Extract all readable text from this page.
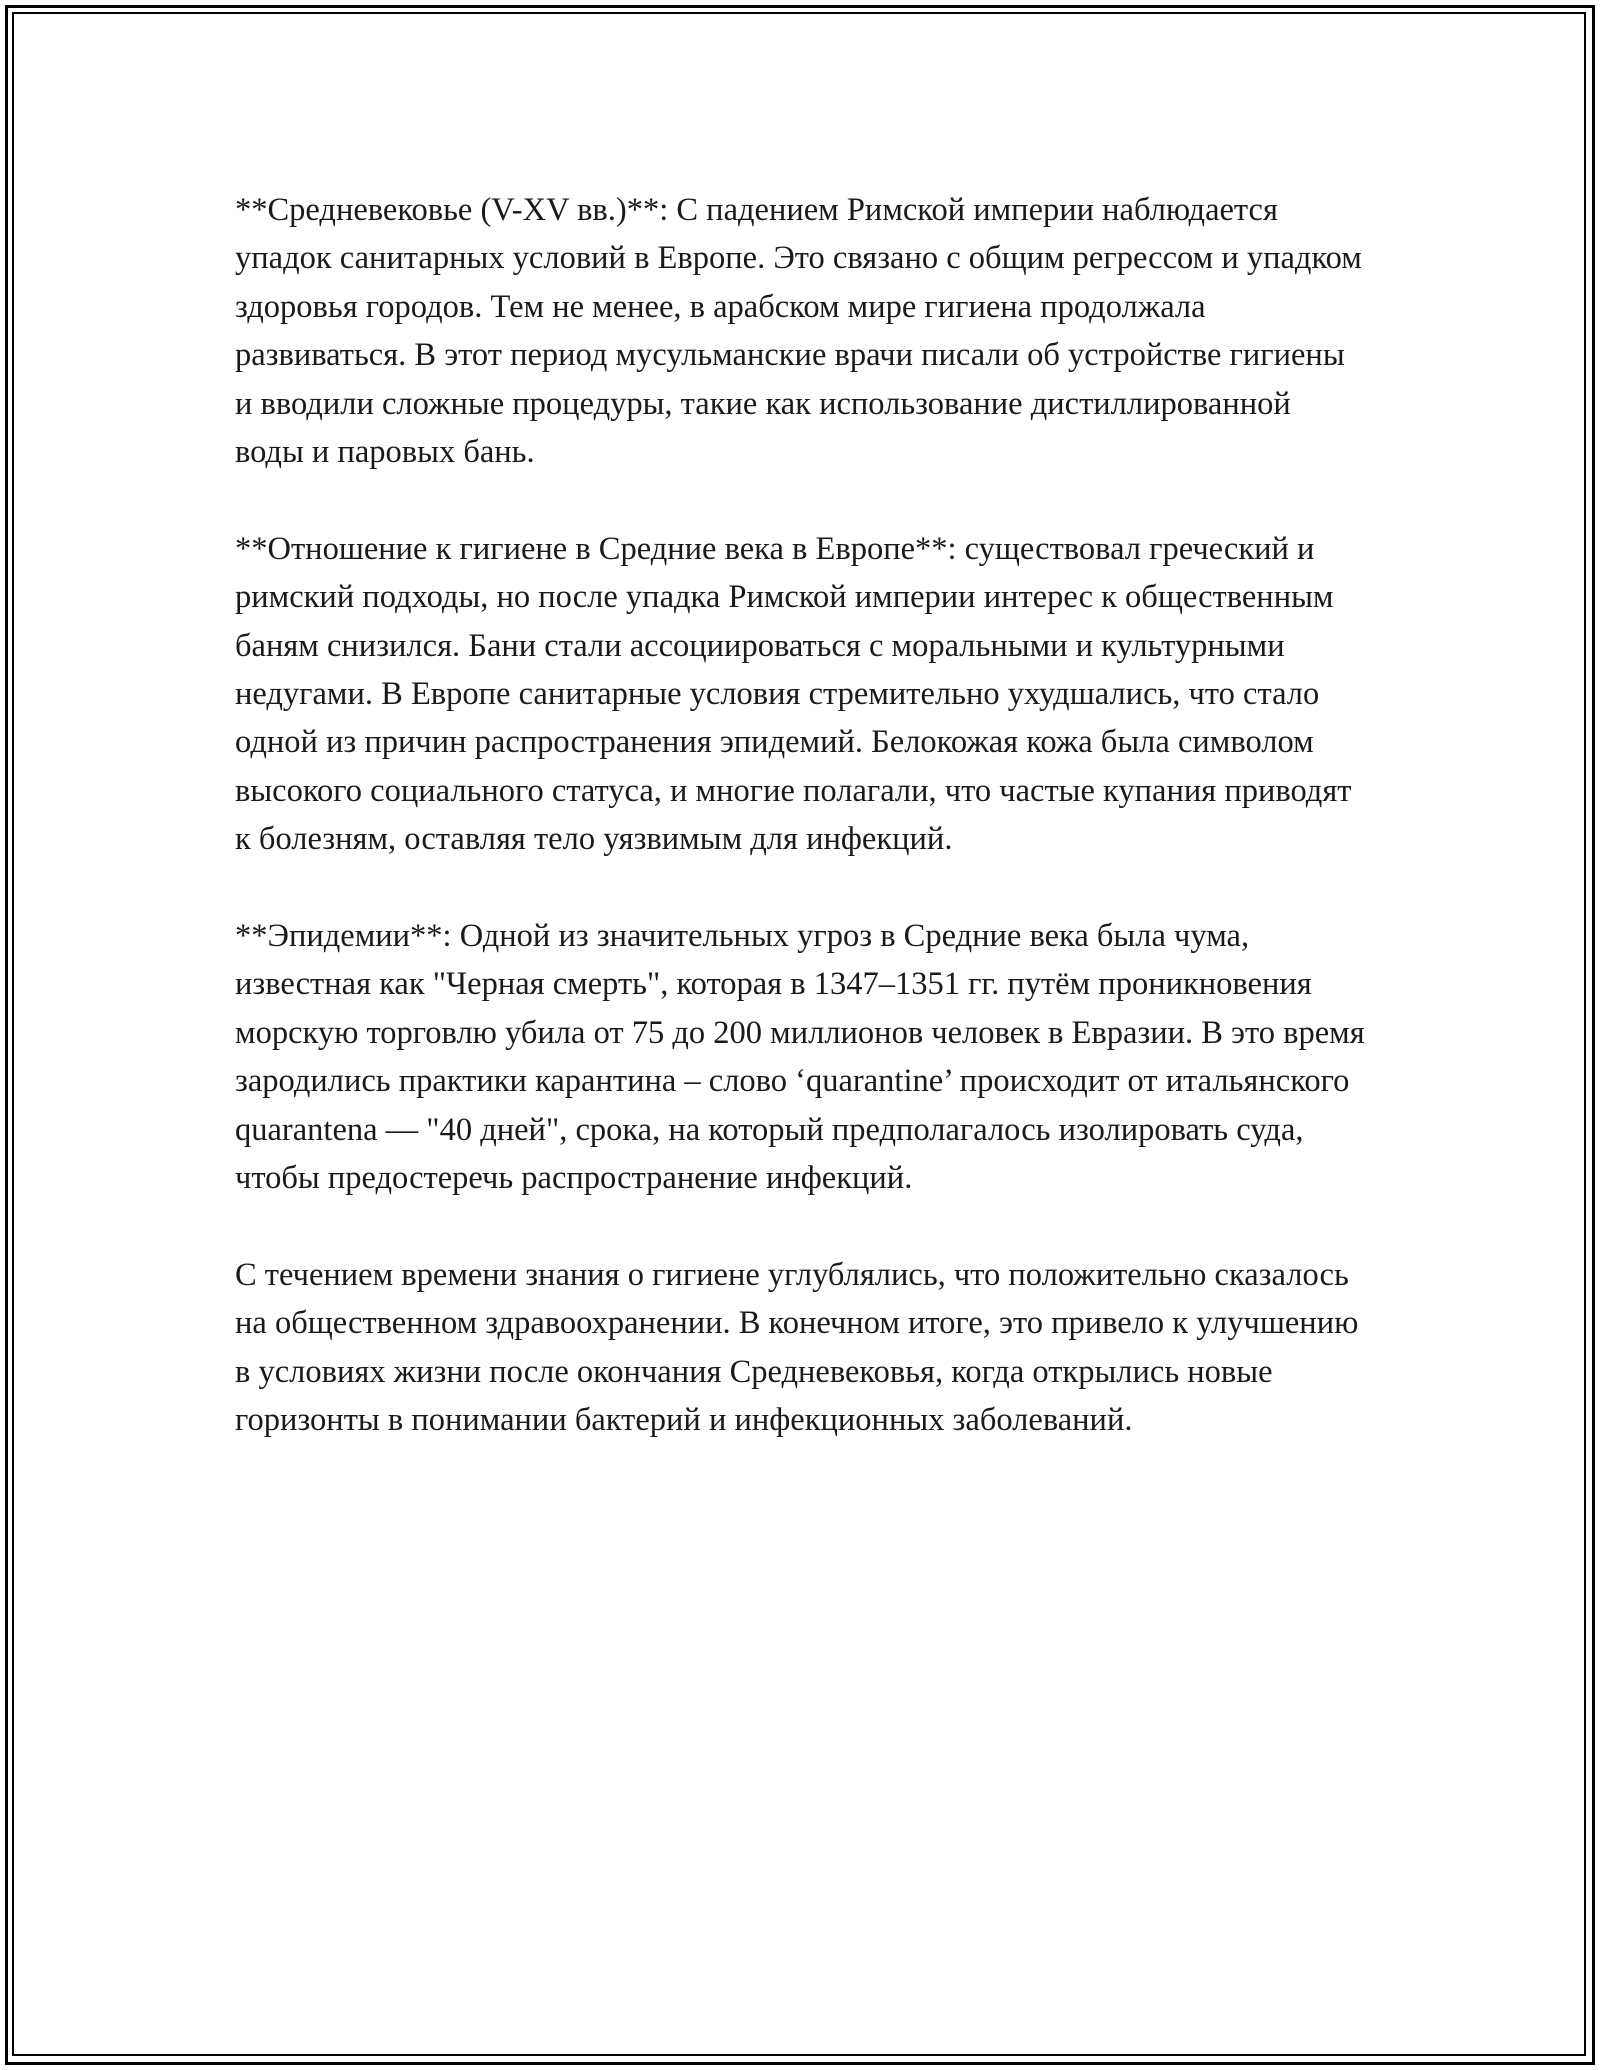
**Средневековье (V-XV вв.)**: С падением Римской империи наблюдается упадок санитарных условий в Европе. Это связано с общим регрессом и упадком здоровья городов. Тем не менее, в арабском мире гигиена продолжала развиваться. В этот период мусульманские врачи писали об устройстве гигиены и вводили сложные процедуры, такие как использование дистиллированной воды и паровых бань.

**Отношение к гигиене в Средние века в Европе**: существовал греческий и римский подходы, но после упадка Римской империи интерес к общественным баням снизился. Бани стали ассоциироваться с моральными и культурными недугами. В Европе санитарные условия стремительно ухудшались, что стало одной из причин распространения эпидемий. Белокожая кожа была символом высокого социального статуса, и многие полагали, что частые купания приводят к болезням, оставляя тело уязвимым для инфекций.

**Эпидемии**: Одной из значительных угроз в Средние века была чума, известная как "Черная смерть", которая в 1347–1351 гг. путём проникновения морскую торговлю убила от 75 до 200 миллионов человек в Евразии. В это время зародились практики карантина – слово ‘quarantine’ происходит от итальянского quarantena — "40 дней", срока, на который предполагалось изолировать суда, чтобы предостеречь распространение инфекций.

С течением времени знания о гигиене углублялись, что положительно сказалось на общественном здравоохранении. В конечном итоге, это привело к улучшению в условиях жизни после окончания Средневековья, когда открылись новые горизонты в понимании бактерий и инфекционных заболеваний.
